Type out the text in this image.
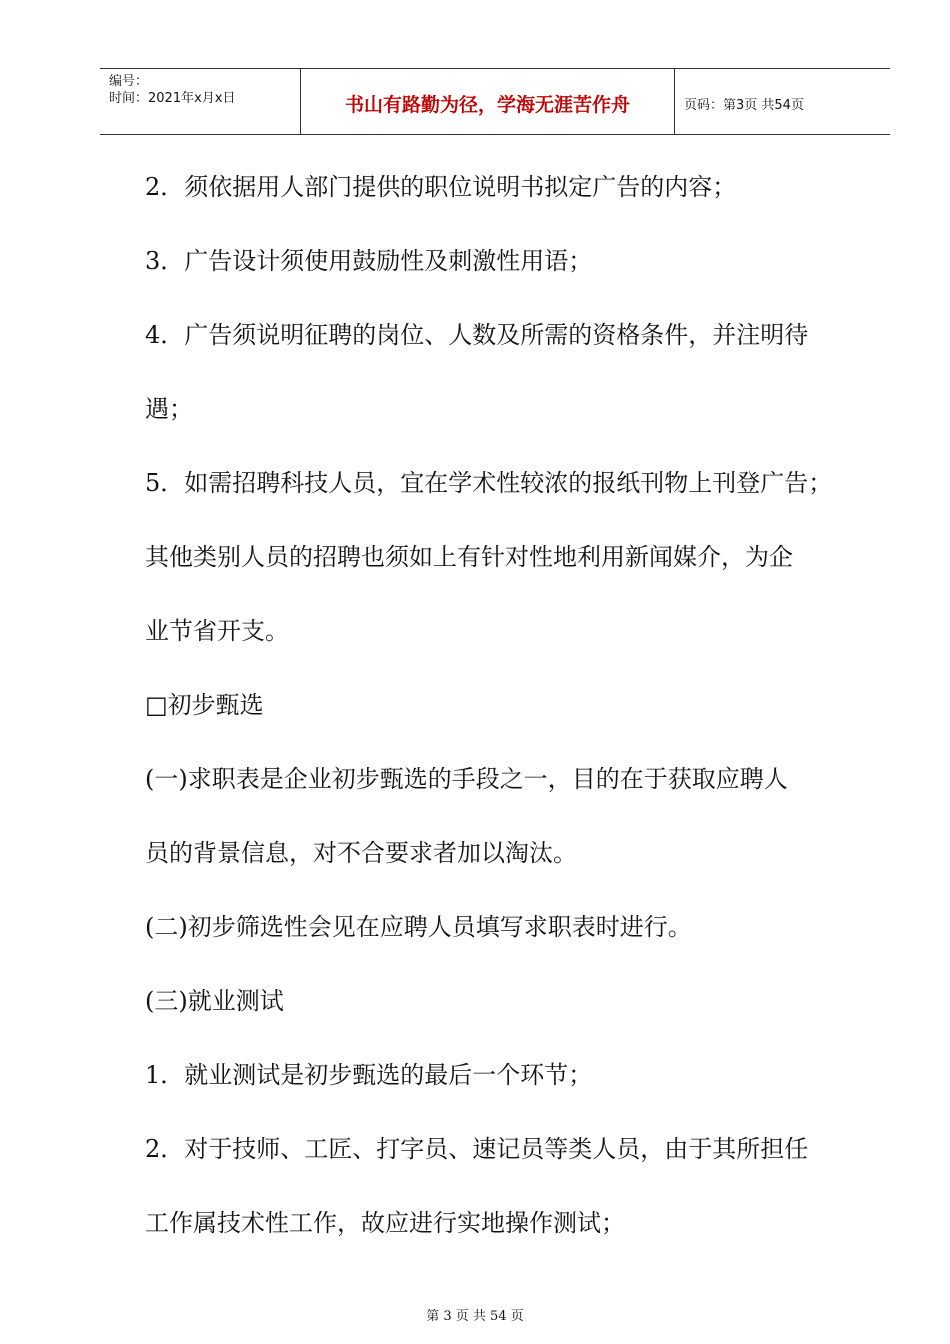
编号：
时间：2021年x月x日	书山有路勤为径，学海无涯苦作舟	页码：第3页 共54页

2．须依据用人部门提供的职位说明书拟定广告的内容；

3．广告设计须使用鼓励性及刺激性用语；

4．广告须说明征聘的岗位、人数及所需的资格条件，并注明待

遇；

5．如需招聘科技人员，宜在学术性较浓的报纸刊物上刊登广告；

其他类别人员的招聘也须如上有针对性地利用新闻媒介，为企

业节省开支。

□初步甄选

(一)求职表是企业初步甄选的手段之一，目的在于获取应聘人

员的背景信息，对不合要求者加以淘汰。

(二)初步筛选性会见在应聘人员填写求职表时进行。

(三)就业测试

1．就业测试是初步甄选的最后一个环节；

2．对于技师、工匠、打字员、速记员等类人员，由于其所担任

工作属技术性工作，故应进行实地操作测试；

第 3 页 共 54 页
